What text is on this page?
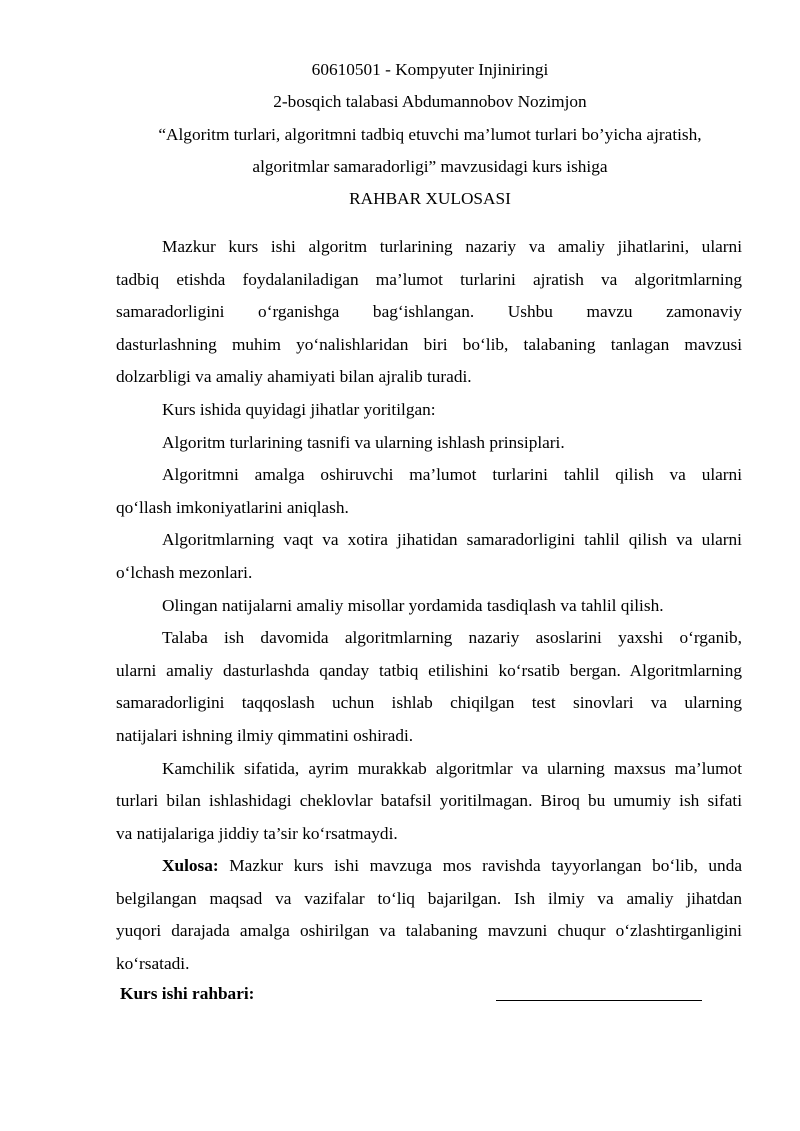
60610501 - Kompyuter Injiniringi
2-bosqich talabasi Abdumannobov Nozimjon
“Algoritm turlari, algoritmni tadbiq etuvchi ma’lumot turlari bo’yicha ajratish,
algoritmlar samaradorligi” mavzusidagi kurs ishiga
RAHBAR XULOSASI

Mazkur kurs ishi algoritm turlarining nazariy va amaliy jihatlarini, ularni

tadbiq etishda foydalaniladigan ma’lumot turlarini ajratish va algoritmlarning

samaradorligini o‘rganishga bag‘ishlangan. Ushbu mavzu zamonaviy

dasturlashning muhim yo‘nalishlaridan biri bo‘lib, talabaning tanlagan mavzusi

dolzarbligi va amaliy ahamiyati bilan ajralib turadi.

Kurs ishida quyidagi jihatlar yoritilgan:

Algoritm turlarining tasnifi va ularning ishlash prinsiplari.

Algoritmni amalga oshiruvchi ma’lumot turlarini tahlil qilish va ularni

qo‘llash imkoniyatlarini aniqlash.

Algoritmlarning vaqt va xotira jihatidan samaradorligini tahlil qilish va ularni

o‘lchash mezonlari.

Olingan natijalarni amaliy misollar yordamida tasdiqlash va tahlil qilish.

Talaba ish davomida algoritmlarning nazariy asoslarini yaxshi o‘rganib,

ularni amaliy dasturlashda qanday tatbiq etilishini ko‘rsatib bergan. Algoritmlarning

samaradorligini taqqoslash uchun ishlab chiqilgan test sinovlari va ularning

natijalari ishning ilmiy qimmatini oshiradi.

Kamchilik sifatida, ayrim murakkab algoritmlar va ularning maxsus ma’lumot

turlari bilan ishlashidagi cheklovlar batafsil yoritilmagan. Biroq bu umumiy ish sifati

va natijalariga jiddiy ta’sir ko‘rsatmaydi.

Xulosa: Mazkur kurs ishi mavzuga mos ravishda tayyorlangan bo‘lib, unda

belgilangan maqsad va vazifalar to‘liq bajarilgan. Ish ilmiy va amaliy jihatdan

yuqori darajada amalga oshirilgan va talabaning mavzuni chuqur o‘zlashtirganligini

ko‘rsatadi.

Kurs ishi rahbari:
